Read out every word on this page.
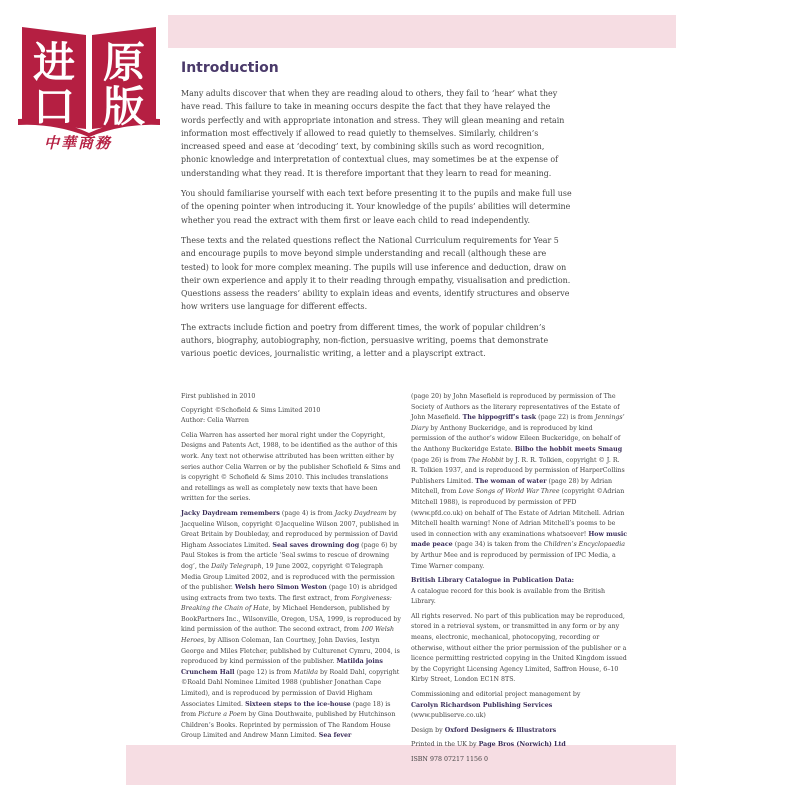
进 原
口 版
中華商務
Introduction

Many adults discover that when they are reading aloud to others, they fail to ‘hear’ what they have read. This failure to take in meaning occurs despite the fact that they have relayed the words perfectly and with appropriate intonation and stress. They will glean meaning and retain information most effectively if allowed to read quietly to themselves. Similarly, children’s increased speed and ease at ‘decoding’ text, by combining skills such as word recognition, phonic knowledge and interpretation of contextual clues, may sometimes be at the expense of understanding what they read. It is therefore important that they learn to read for meaning.

You should familiarise yourself with each text before presenting it to the pupils and make full use of the opening pointer when introducing it. Your knowledge of the pupils’ abilities will determine whether you read the extract with them first or leave each child to read independently.

These texts and the related questions reflect the National Curriculum requirements for Year 5 and encourage pupils to move beyond simple understanding and recall (although these are tested) to look for more complex meaning. The pupils will use inference and deduction, draw on their own experience and apply it to their reading through empathy, visualisation and prediction. Questions assess the readers’ ability to explain ideas and events, identify structures and observe how writers use language for different effects.

The extracts include fiction and poetry from different times, the work of popular children’s authors, biography, autobiography, non-fiction, persuasive writing, poems that demonstrate various poetic devices, journalistic writing, a letter and a playscript extract.

First published in 2010

Copyright ©Schofield & Sims Limited 2010

Author: Celia Warren

Celia Warren has asserted her moral right under the Copyright, Designs and Patents Act, 1988, to be identified as the author of this work. Any text not otherwise attributed has been written either by series author Celia Warren or by the publisher Schofield & Sims and is copyright © Schofield & Sims 2010. This includes translations and retellings as well as completely new texts that have been written for the series.

Jacky Daydream remembers (page 4) is from Jacky Daydream by Jacqueline Wilson, copyright ©Jacqueline Wilson 2007, published in Great Britain by Doubleday, and reproduced by permission of David Higham Associates Limited. Seal saves drowning dog (page 6) by Paul Stokes is from the article ‘Seal swims to rescue of drowning dog’, the Daily Telegraph, 19 June 2002, copyright ©Telegraph Media Group Limited 2002, and is reproduced with the permission of the publisher. Welsh hero Simon Weston (page 10) is abridged using extracts from two texts. The first extract, from Forgiveness: Breaking the Chain of Hate, by Michael Henderson, published by BookPartners Inc., Wilsonville, Oregon, USA, 1999, is reproduced by kind permission of the author. The second extract, from 100 Welsh Heroes, by Allison Coleman, Ian Courtney, John Davies, Iestyn George and Miles Fletcher, published by Culturenet Cymru, 2004, is reproduced by kind permission of the publisher. Matilda joins Crunchem Hall (page 12) is from Matilda by Roald Dahl, copyright ©Roald Dahl Nominee Limited 1988 (publisher Jonathan Cape Limited), and is reproduced by permission of David Higham Associates Limited. Sixteen steps to the ice-house (page 18) is from Picture a Poem by Gina Douthwaite, published by Hutchinson Children’s Books. Reprinted by permission of The Random House Group Limited and Andrew Mann Limited. Sea fever

(page 20) by John Masefield is reproduced by permission of The Society of Authors as the literary representatives of the Estate of John Masefield. The hippogriff’s task (page 22) is from Jennings’ Diary by Anthony Buckeridge, and is reproduced by kind permission of the author’s widow Eileen Buckeridge, on behalf of the Anthony Buckeridge Estate. Bilbo the hobbit meets Smaug (page 26) is from The Hobbit by J. R. R. Tolkien, copyright © J. R. R. Tolkien 1937, and is reproduced by permission of HarperCollins Publishers Limited. The woman of water (page 28) by Adrian Mitchell, from Love Songs of World War Three (copyright ©Adrian Mitchell 1988), is reproduced by permission of PFD (www.pfd.co.uk) on behalf of The Estate of Adrian Mitchell. Adrian Mitchell health warning! None of Adrian Mitchell’s poems to be used in connection with any examinations whatsoever! How music made peace (page 34) is taken from the Children’s Encyclopaedia by Arthur Mee and is reproduced by permission of IPC Media, a Time Warner company.

British Library Catalogue in Publication Data:

A catalogue record for this book is available from the British Library.

All rights reserved. No part of this publication may be reproduced, stored in a retrieval system, or transmitted in any form or by any means, electronic, mechanical, photocopying, recording or otherwise, without either the prior permission of the publisher or a licence permitting restricted copying in the United Kingdom issued by the Copyright Licensing Agency Limited, Saffron House, 6–10 Kirby Street, London EC1N 8TS.

Commissioning and editorial project management by

Carolyn Richardson Publishing Services

(www.publiserve.co.uk)

Design by Oxford Designers & Illustrators

Printed in the UK by Page Bros (Norwich) Ltd

ISBN 978 07217 1156 0
